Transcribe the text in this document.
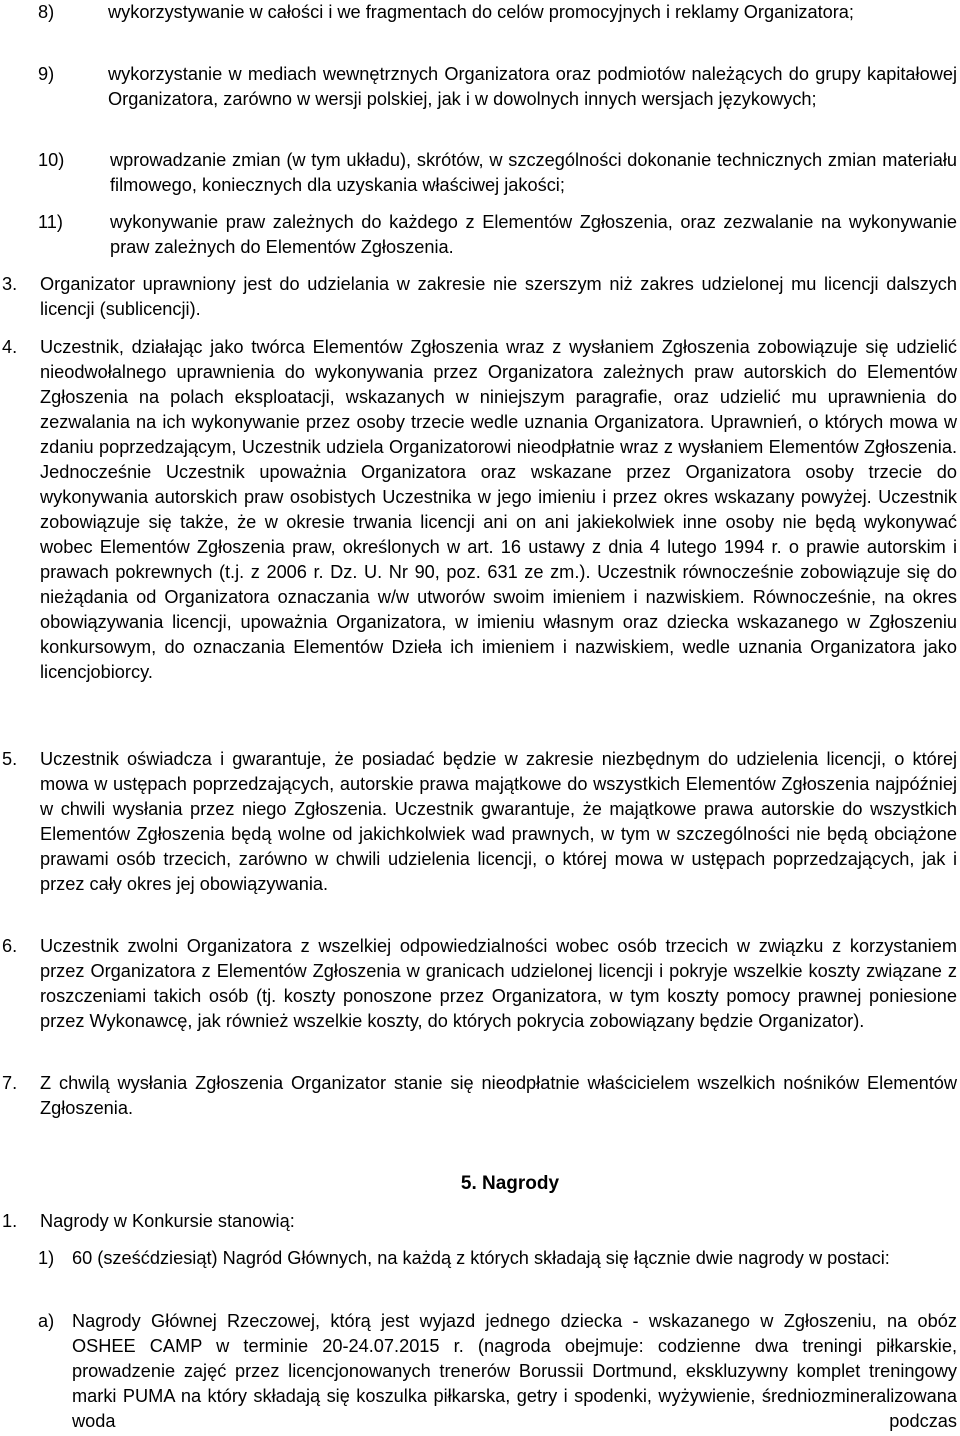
8)	wykorzystywanie w całości i we fragmentach do celów promocyjnych i reklamy Organizatora;
9)	wykorzystanie w mediach wewnętrznych Organizatora oraz podmiotów należących do grupy kapitałowej Organizatora, zarówno w wersji polskiej, jak i w dowolnych innych wersjach językowych;
10)	wprowadzanie zmian (w tym układu), skrótów, w szczególności dokonanie technicznych zmian materiału filmowego, koniecznych dla uzyskania właściwej jakości;
11)	wykonywanie praw zależnych do każdego z Elementów Zgłoszenia, oraz zezwalanie na wykonywanie praw zależnych do Elementów Zgłoszenia.
3. Organizator uprawniony jest do udzielania w zakresie nie szerszym niż zakres udzielonej mu licencji dalszych licencji (sublicencji).
4. Uczestnik, działając jako twórca Elementów Zgłoszenia wraz z wysłaniem Zgłoszenia zobowiązuje się udzielić nieodwołalnego uprawnienia do wykonywania przez Organizatora zależnych praw autorskich do Elementów Zgłoszenia na polach eksploatacji, wskazanych w niniejszym paragrafie, oraz udzielić mu uprawnienia do zezwalania na ich wykonywanie przez osoby trzecie wedle uznania Organizatora. Uprawnień, o których mowa w zdaniu poprzedzającym, Uczestnik udziela Organizatorowi nieodpłatnie wraz z wysłaniem Elementów Zgłoszenia. Jednocześnie Uczestnik upoważnia Organizatora oraz wskazane przez Organizatora osoby trzecie do wykonywania autorskich praw osobistych Uczestnika w jego imieniu i przez okres wskazany powyżej. Uczestnik zobowiązuje się także, że w okresie trwania licencji ani on ani jakiekolwiek inne osoby nie będą wykonywać wobec Elementów Zgłoszenia praw, określonych w art. 16 ustawy z dnia 4 lutego 1994 r. o prawie autorskim i prawach pokrewnych (t.j. z 2006 r. Dz. U. Nr 90, poz. 631 ze zm.). Uczestnik równocześnie zobowiązuje się do nieżądania od Organizatora oznaczania w/w utworów swoim imieniem i nazwiskiem. Równocześnie, na okres obowiązywania licencji, upoważnia Organizatora, w imieniu własnym oraz dziecka wskazanego w Zgłoszeniu konkursowym, do oznaczania Elementów Dzieła ich imieniem i nazwiskiem, wedle uznania Organizatora jako licencjobiorcy.
5. Uczestnik oświadcza i gwarantuje, że posiadać będzie w zakresie niezbędnym do udzielenia licencji, o której mowa w ustępach poprzedzających, autorskie prawa majątkowe do wszystkich Elementów Zgłoszenia najpóźniej w chwili wysłania przez niego Zgłoszenia. Uczestnik gwarantuje, że majątkowe prawa autorskie do wszystkich Elementów Zgłoszenia będą wolne od jakichkolwiek wad prawnych, w tym w szczególności nie będą obciążone prawami osób trzecich, zarówno w chwili udzielenia licencji, o której mowa w ustępach poprzedzających, jak i przez cały okres jej obowiązywania.
6. Uczestnik zwolni Organizatora z wszelkiej odpowiedzialności wobec osób trzecich w związku z korzystaniem przez Organizatora z Elementów Zgłoszenia w granicach udzielonej licencji i pokryje wszelkie koszty związane z roszczeniami takich osób (tj. koszty ponoszone przez Organizatora, w tym koszty pomocy prawnej poniesione przez Wykonawcę, jak również wszelkie koszty, do których pokrycia zobowiązany będzie Organizator).
7. Z chwilą wysłania Zgłoszenia Organizator stanie się nieodpłatnie właścicielem wszelkich nośników Elementów Zgłoszenia.
5. Nagrody
1. Nagrody w Konkursie stanowią:
1) 60 (sześćdziesiąt) Nagród Głównych, na każdą z których składają się łącznie dwie nagrody w postaci:
a) Nagrody Głównej Rzeczowej, którą jest wyjazd jednego dziecka - wskazanego w Zgłoszeniu, na obóz OSHEE CAMP w terminie 20-24.07.2015 r. (nagroda obejmuje: codzienne dwa treningi piłkarskie, prowadzenie zajęć przez licencjonowanych trenerów Borussii Dortmund, ekskluzywny komplet treningowy marki PUMA na który składają się koszulka piłkarska, getry i spodenki, wyżywienie, średniozmineralizowana woda podczas
